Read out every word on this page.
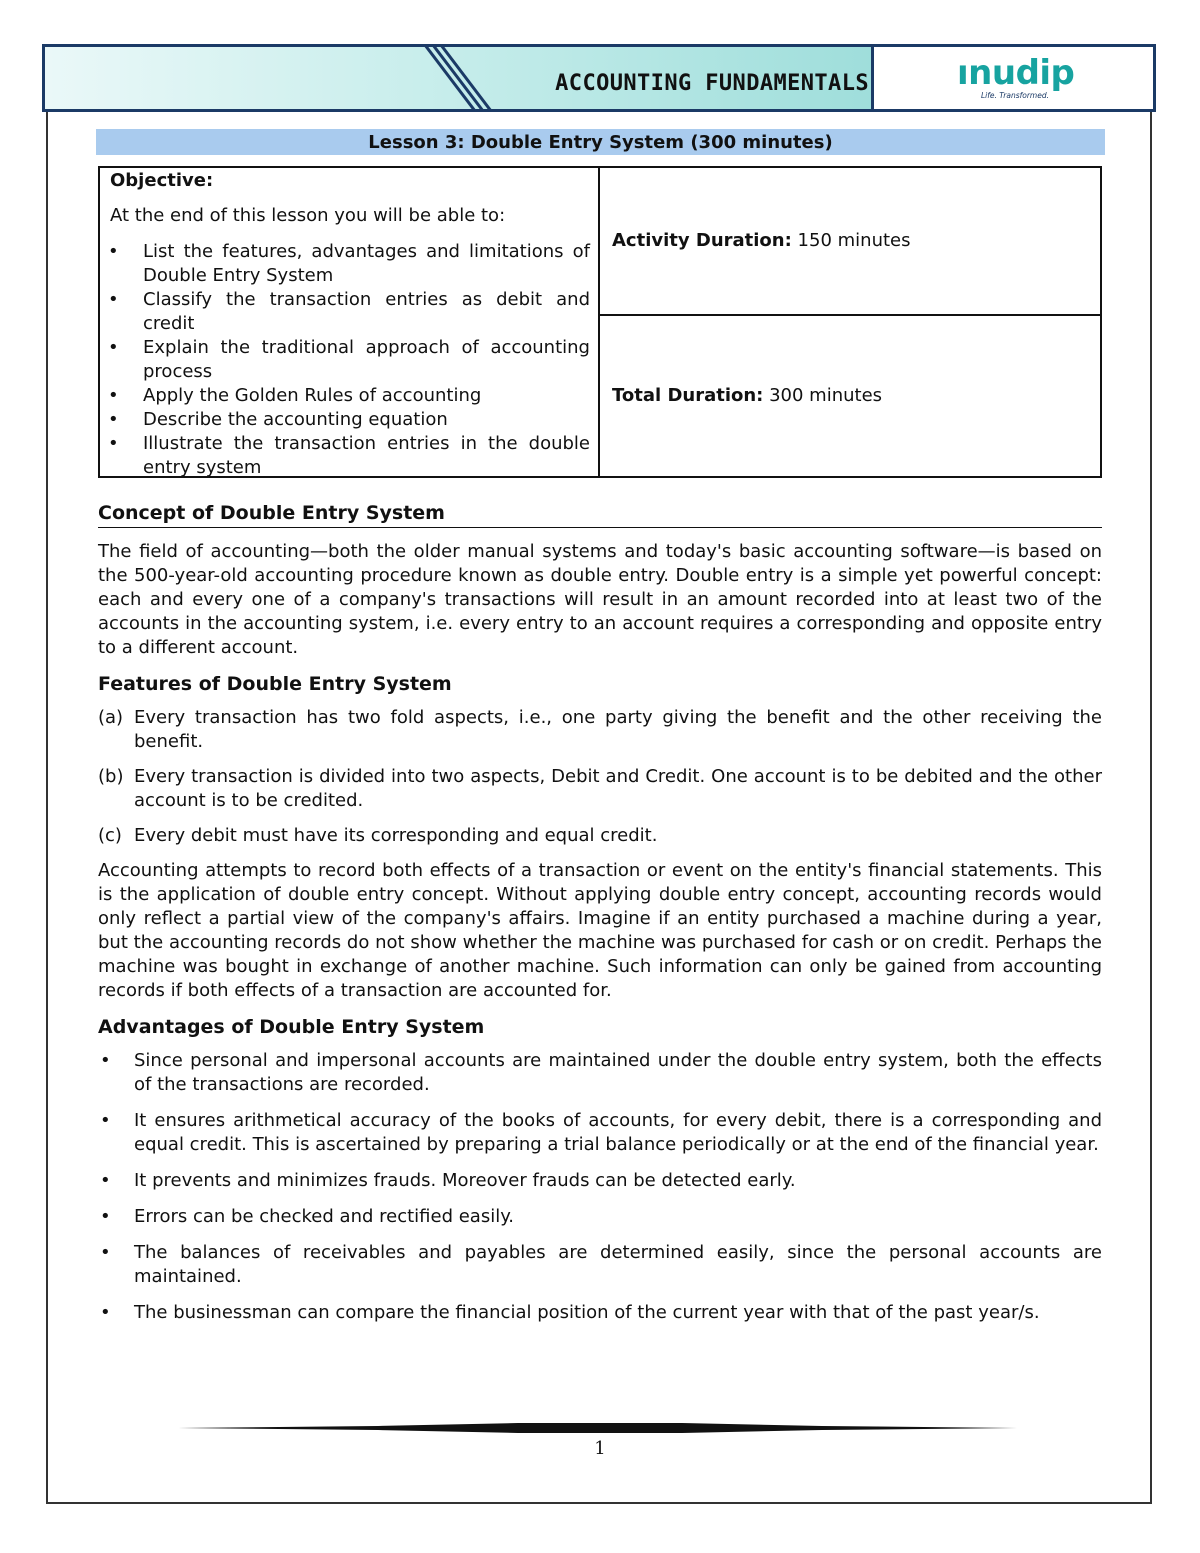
ACCOUNTING FUNDAMENTALS	ınudip
Life. Transformed.
Lesson 3: Double Entry System (300 minutes)
Objective:
At the end of this lesson you will be able to:
• List the features, advantages and limitations of Double Entry System
• Classify the transaction entries as debit and credit
• Explain the traditional approach of accounting process
• Apply the Golden Rules of accounting
• Describe the accounting equation
• Illustrate the transaction entries in the double entry system
Activity Duration: 150 minutes
Total Duration: 300 minutes
Concept of Double Entry System

The field of accounting—both the older manual systems and today's basic accounting software—is based on the 500-year-old accounting procedure known as double entry. Double entry is a simple yet powerful concept: each and every one of a company's transactions will result in an amount recorded into at least two of the accounts in the accounting system, i.e. every entry to an account requires a corresponding and opposite entry to a different account.

Features of Double Entry System
(a) Every transaction has two fold aspects, i.e., one party giving the benefit and the other receiving the benefit.
(b) Every transaction is divided into two aspects, Debit and Credit. One account is to be debited and the other account is to be credited.
(c) Every debit must have its corresponding and equal credit.

Accounting attempts to record both effects of a transaction or event on the entity's financial statements. This is the application of double entry concept. Without applying double entry concept, accounting records would only reflect a partial view of the company's affairs. Imagine if an entity purchased a machine during a year, but the accounting records do not show whether the machine was purchased for cash or on credit. Perhaps the machine was bought in exchange of another machine. Such information can only be gained from accounting records if both effects of a transaction are accounted for.

Advantages of Double Entry System
• Since personal and impersonal accounts are maintained under the double entry system, both the effects of the transactions are recorded.
• It ensures arithmetical accuracy of the books of accounts, for every debit, there is a corresponding and equal credit. This is ascertained by preparing a trial balance periodically or at the end of the financial year.
• It prevents and minimizes frauds. Moreover frauds can be detected early.
• Errors can be checked and rectified easily.
• The balances of receivables and payables are determined easily, since the personal accounts are maintained.
• The businessman can compare the financial position of the current year with that of the past year/s.
1
